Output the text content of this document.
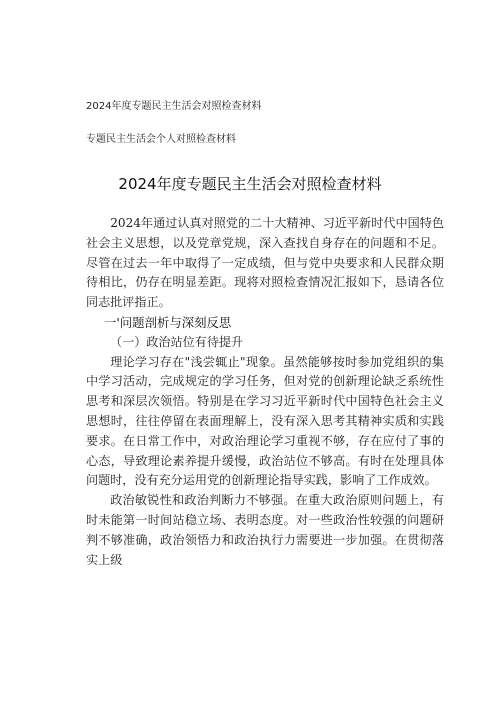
2024年度专题民主生活会对照检查材料
专题民主生活会个人对照检查材料
2024年度专题民主生活会对照检查材料

2024年通过认真对照党的二十大精神、习近平新时代中国特色社会主义思想，以及党章党规，深入查找自身存在的问题和不足。尽管在过去一年中取得了一定成绩，但与党中央要求和人民群众期待相比，仍存在明显差距。现将对照检查情况汇报如下，恳请各位同志批评指正。

一'问题剖析与深刻反思

（一）政治站位有待提升

理论学习存在"浅尝辄止"现象。虽然能够按时参加党组织的集中学习活动，完成规定的学习任务，但对党的创新理论缺乏系统性思考和深层次领悟。特别是在学习习近平新时代中国特色社会主义思想时，往往停留在表面理解上，没有深入思考其精神实质和实践要求。在日常工作中，对政治理论学习重视不够，存在应付了事的心态，导致理论素养提升缓慢，政治站位不够高。有时在处理具体问题时，没有充分运用党的创新理论指导实践，影响了工作成效。

政治敏锐性和政治判断力不够强。在重大政治原则问题上，有时未能第一时间站稳立场、表明态度。对一些政治性较强的问题研判不够准确，政治领悟力和政治执行力需要进一步加强。在贯彻落实上级
